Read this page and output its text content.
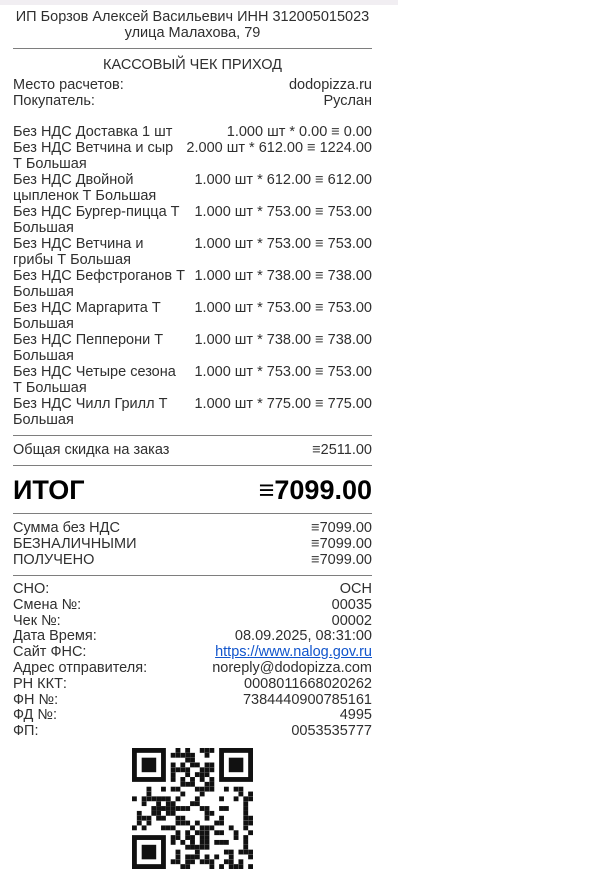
ИП Борзов Алексей Васильевич ИНН 312005015023
улица Малахова, 79
КАССОВЫЙ ЧЕК ПРИХОД
Место расчетов:	dodopizza.ru
Покупатель:	Руслан
Без НДС Доставка 1 шт	1.000 шт * 0.00 ≡ 0.00
Без НДС Ветчина и сыр Т Большая
2.000 шт * 612.00 ≡ 1224.00
Без НДС Двойной цыпленок Т Большая
1.000 шт * 612.00 ≡ 612.00
Без НДС Бургер-пицца Т Большая
1.000 шт * 753.00 ≡ 753.00
Без НДС Ветчина и грибы Т Большая
1.000 шт * 753.00 ≡ 753.00
Без НДС Бефстроганов Т Большая
1.000 шт * 738.00 ≡ 738.00
Без НДС Маргарита Т Большая
1.000 шт * 753.00 ≡ 753.00
Без НДС Пепперони Т Большая
1.000 шт * 738.00 ≡ 738.00
Без НДС Четыре сезона Т Большая
1.000 шт * 753.00 ≡ 753.00
Без НДС Чилл Грилл Т Большая
1.000 шт * 775.00 ≡ 775.00
Общая скидка на заказ	≡2511.00
ИТОГ	≡7099.00
Сумма без НДС	≡7099.00
БЕЗНАЛИЧНЫМИ	≡7099.00
ПОЛУЧЕНО	≡7099.00
СНО:	ОСН
Смена №:	00035
Чек №:	00002
Дата Время:	08.09.2025, 08:31:00
Сайт ФНС:	https://www.nalog.gov.ru
Адрес отправителя:	noreply@dodopizza.com
РН ККТ:	0008011668020262
ФН №:	7384440900785161
ФД №:	4995
ФП:	0053535777
